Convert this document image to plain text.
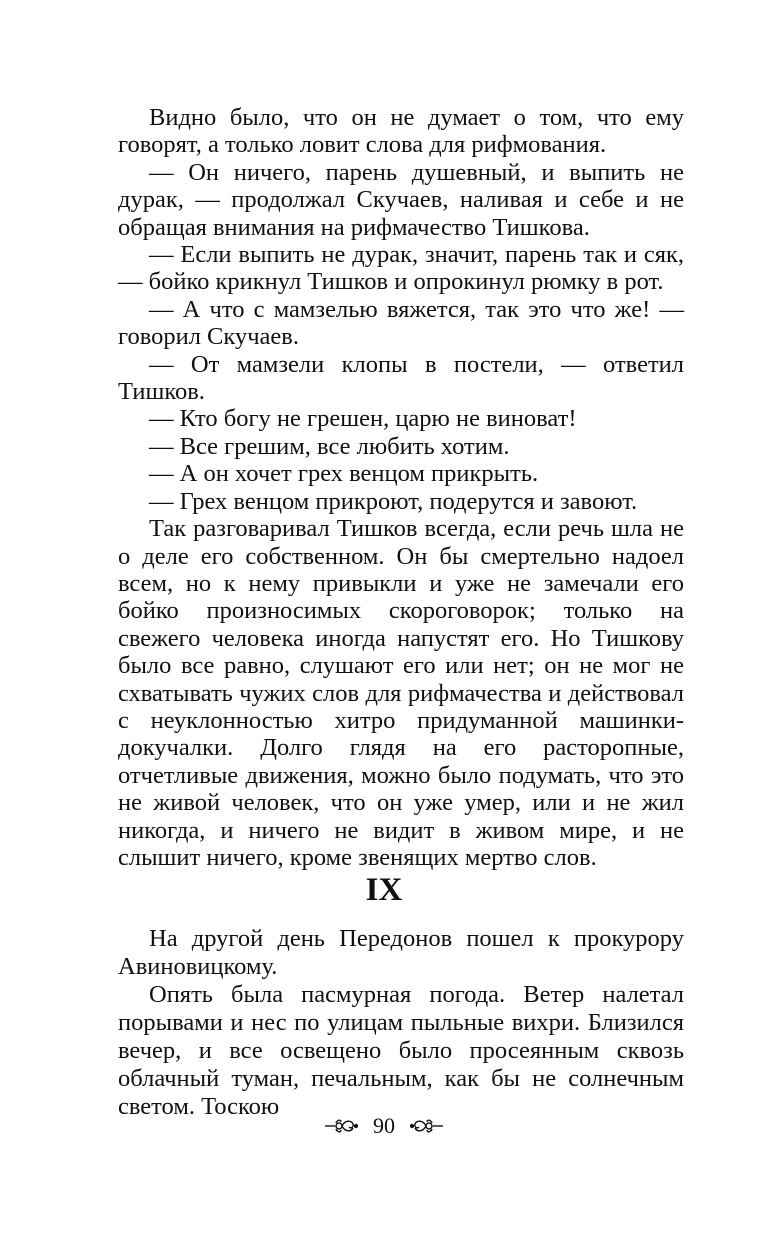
Видно было, что он не думает о том, что ему говорят, а только ловит слова для рифмования.

— Он ничего, парень душевный, и выпить не дурак, — продолжал Скучаев, наливая и себе и не обращая внимания на рифмачество Тишкова.

— Если выпить не дурак, значит, парень так и сяк, — бойко крикнул Тишков и опрокинул рюмку в рот.

— А что с мамзелью вяжется, так это что же! — говорил Скучаев.

— От мамзели клопы в постели, — ответил Тишков.

— Кто богу не грешен, царю не виноват!

— Все грешим, все любить хотим.

— А он хочет грех венцом прикрыть.

— Грех венцом прикроют, подерутся и завоют.

Так разговаривал Тишков всегда, если речь шла не о деле его собственном. Он бы смертельно надоел всем, но к нему привыкли и уже не замечали его бойко произносимых скороговорок; только на свежего человека иногда напустят его. Но Тишкову было все равно, слушают его или нет; он не мог не схватывать чужих слов для рифмачества и действовал с неуклонностью хитро придуманной машинки-докучалки. Долго глядя на его расторопные, отчетливые движения, можно было подумать, что это не живой человек, что он уже умер, или и не жил никогда, и ничего не видит в живом мире, и не слышит ничего, кроме звенящих мертво слов.

IX

На другой день Передонов пошел к прокурору Авиновицкому.

Опять была пасмурная погода. Ветер налетал порывами и нес по улицам пыльные вихри. Близился вечер, и все освещено было просеянным сквозь облачный туман, печальным, как бы не солнечным светом. Тоскою

90
